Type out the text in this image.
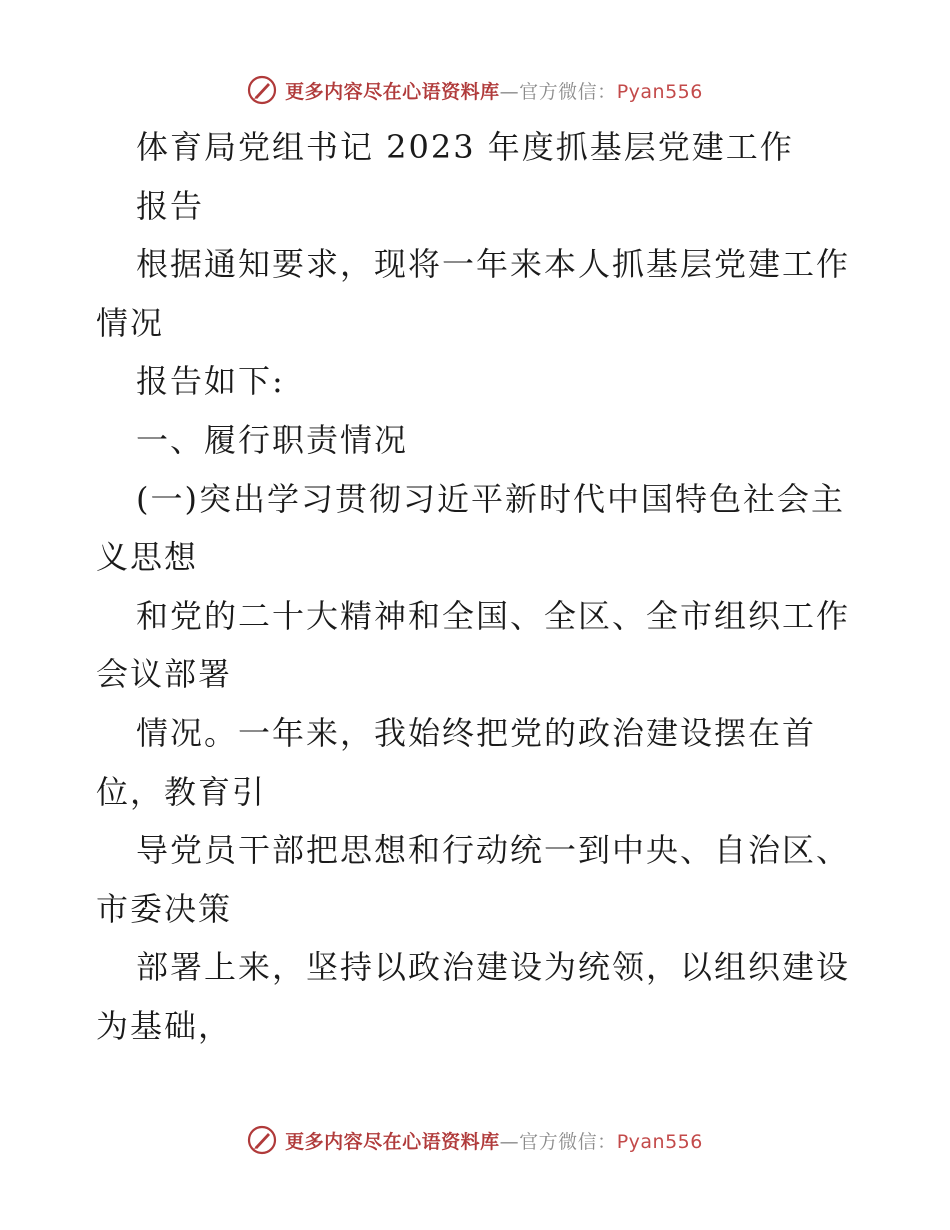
更多内容尽在心语资料库—官方微信：Pyan556
体育局党组书记 2023 年度抓基层党建工作
报告
根据通知要求，现将一年来本人抓基层党建工作
情况
报告如下:
一、履行职责情况
(一)突出学习贯彻习近平新时代中国特色社会主
义思想
和党的二十大精神和全国、全区、全市组织工作
会议部署
情况。一年来，我始终把党的政治建设摆在首
位，教育引
导党员干部把思想和行动统一到中央、自治区、
市委决策
部署上来，坚持以政治建设为统领，以组织建设
为基础，
更多内容尽在心语资料库—官方微信：Pyan556
